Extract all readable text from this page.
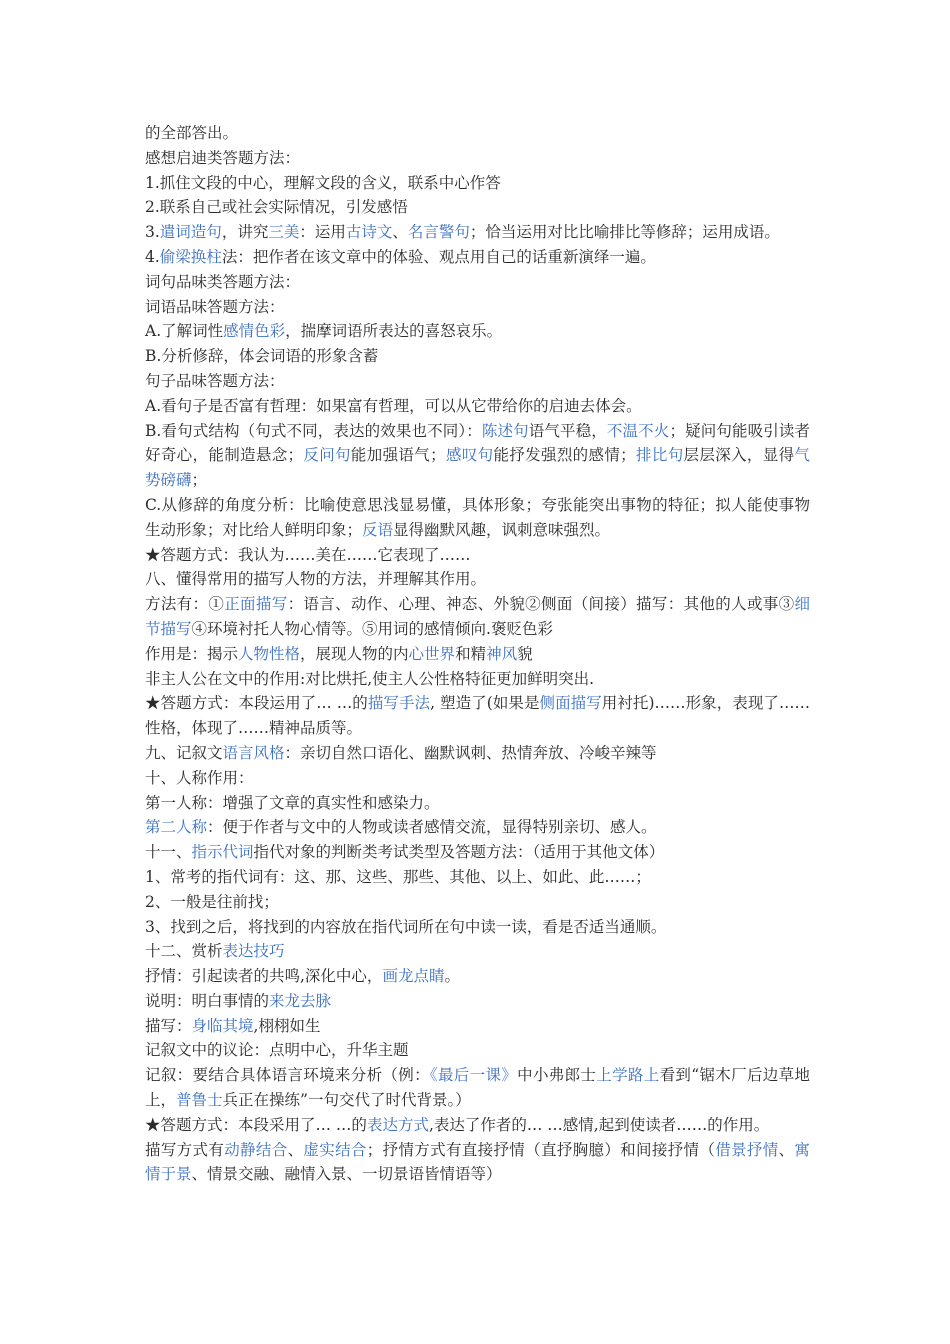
的全部答出。

感想启迪类答题方法：

1.抓住文段的中心，理解文段的含义，联系中心作答

2.联系自己或社会实际情况，引发感悟

3.遣词造句，讲究三美：运用古诗文、名言警句；恰当运用对比比喻排比等修辞；运用成语。

4.偷梁换柱法：把作者在该文章中的体验、观点用自己的话重新演绎一遍。

词句品味类答题方法：

词语品味答题方法：

A.了解词性感情色彩，揣摩词语所表达的喜怒哀乐。

B.分析修辞，体会词语的形象含蓄

句子品味答题方法：

A.看句子是否富有哲理：如果富有哲理，可以从它带给你的启迪去体会。

B.看句式结构（句式不同，表达的效果也不同）：陈述句语气平稳，不温不火；疑问句能吸引读者好奇心，能制造悬念；反问句能加强语气；感叹句能抒发强烈的感情；排比句层层深入，显得气势磅礴；

C.从修辞的角度分析：比喻使意思浅显易懂，具体形象；夸张能突出事物的特征；拟人能使事物生动形象；对比给人鲜明印象；反语显得幽默风趣，讽刺意味强烈。

★答题方式：我认为……美在……它表现了……

八、懂得常用的描写人物的方法，并理解其作用。

方法有：①正面描写：语言、动作、心理、神态、外貌②侧面（间接）描写：其他的人或事③细节描写④环境衬托人物心情等。⑤用词的感情倾向.褒贬色彩

作用是：揭示人物性格，展现人物的内心世界和精神风貌

非主人公在文中的作用:对比烘托,使主人公性格特征更加鲜明突出.

★答题方式：本段运用了… …的描写手法, 塑造了(如果是侧面描写用衬托)……形象，表现了……性格，体现了……精神品质等。

九、记叙文语言风格：亲切自然口语化、幽默讽刺、热情奔放、冷峻辛辣等

十、人称作用：

第一人称：增强了文章的真实性和感染力。

第二人称：便于作者与文中的人物或读者感情交流，显得特别亲切、感人。

十一、指示代词指代对象的判断类考试类型及答题方法：（适用于其他文体）

1、常考的指代词有：这、那、这些、那些、其他、以上、如此、此……；

2、一般是往前找；

3、找到之后，将找到的内容放在指代词所在句中读一读，看是否适当通顺。

十二、赏析表达技巧

抒情：引起读者的共鸣,深化中心，画龙点睛。

说明：明白事情的来龙去脉

描写：身临其境,栩栩如生

记叙文中的议论：点明中心，升华主题

记叙：要结合具体语言环境来分析（例：《最后一课》中小弗郎士上学路上看到“锯木厂后边草地上，普鲁士兵正在操练”一句交代了时代背景。）

★答题方式：本段采用了… …的表达方式,表达了作者的… …感情,起到使读者……的作用。

描写方式有动静结合、虚实结合；抒情方式有直接抒情（直抒胸臆）和间接抒情（借景抒情、寓情于景、情景交融、融情入景、一切景语皆情语等）
